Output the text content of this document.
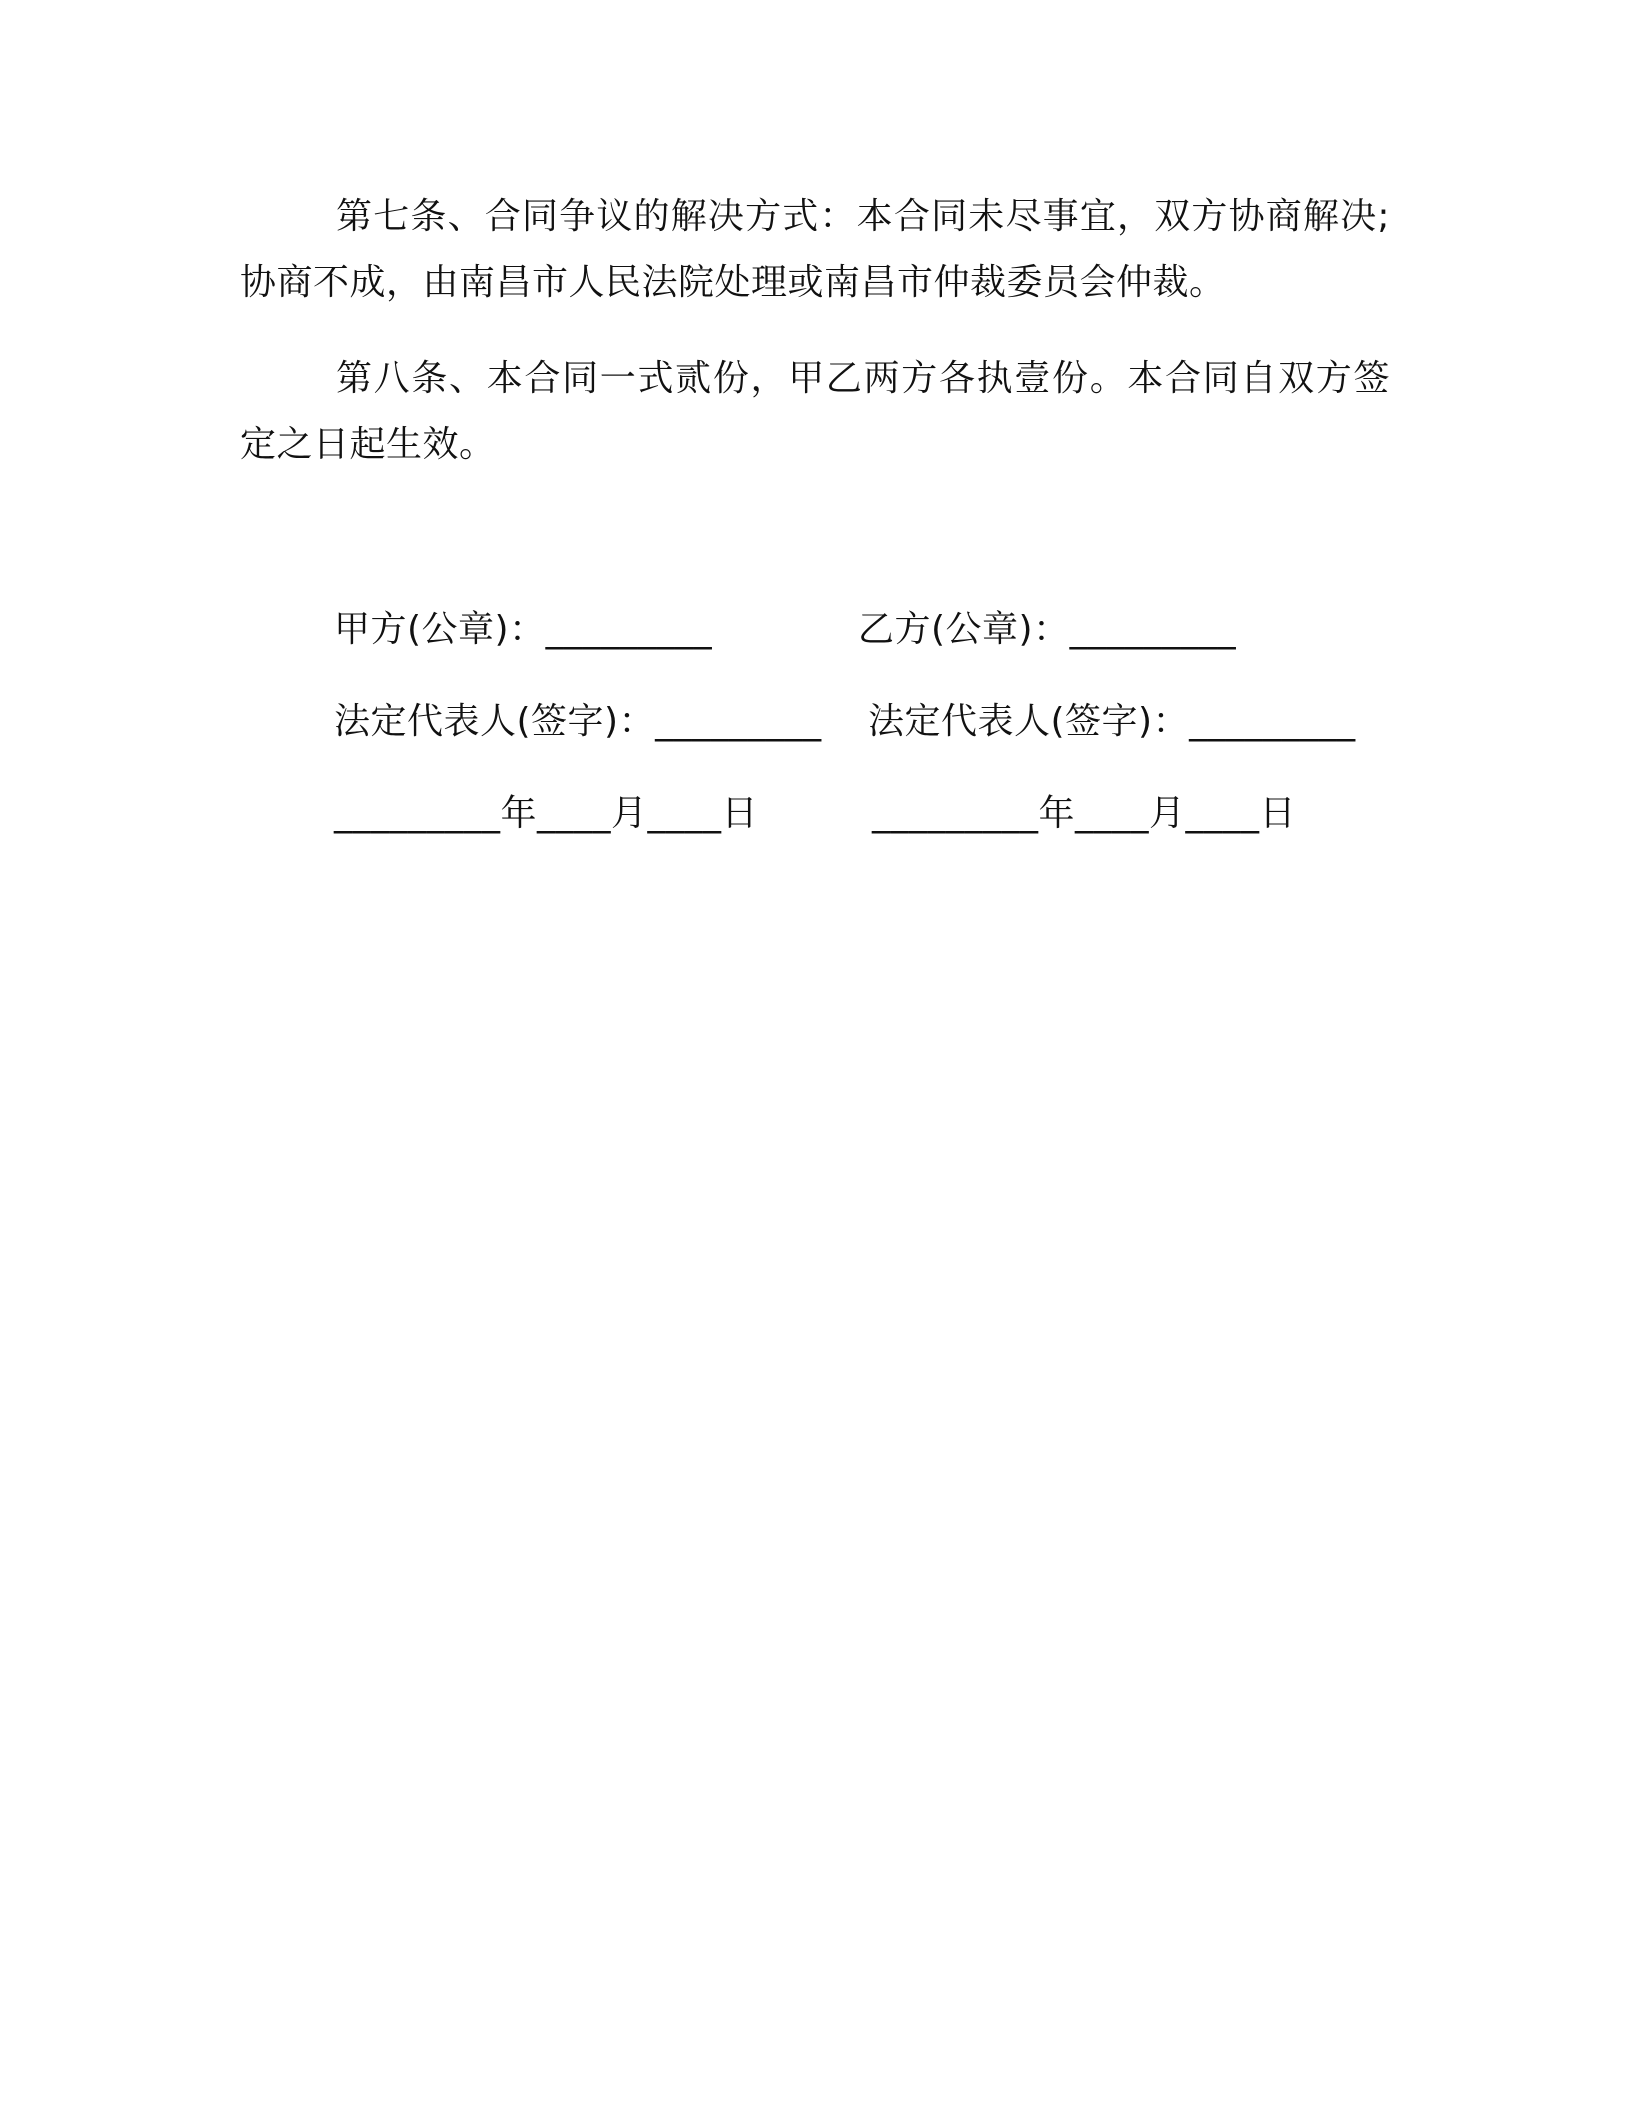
第七条、合同争议的解决方式：本合同未尽事宜，双方协商解决;协商不成，由南昌市人民法院处理或南昌市仲裁委员会仲裁。

第八条、本合同一式贰份，甲乙两方各执壹份。本合同自双方签定之日起生效。

甲方(公章)：_________	乙方(公章)：_________
法定代表人(签字)：_________ 法定代表人(签字)：_________
_________年____月____日	_________年____月____日
